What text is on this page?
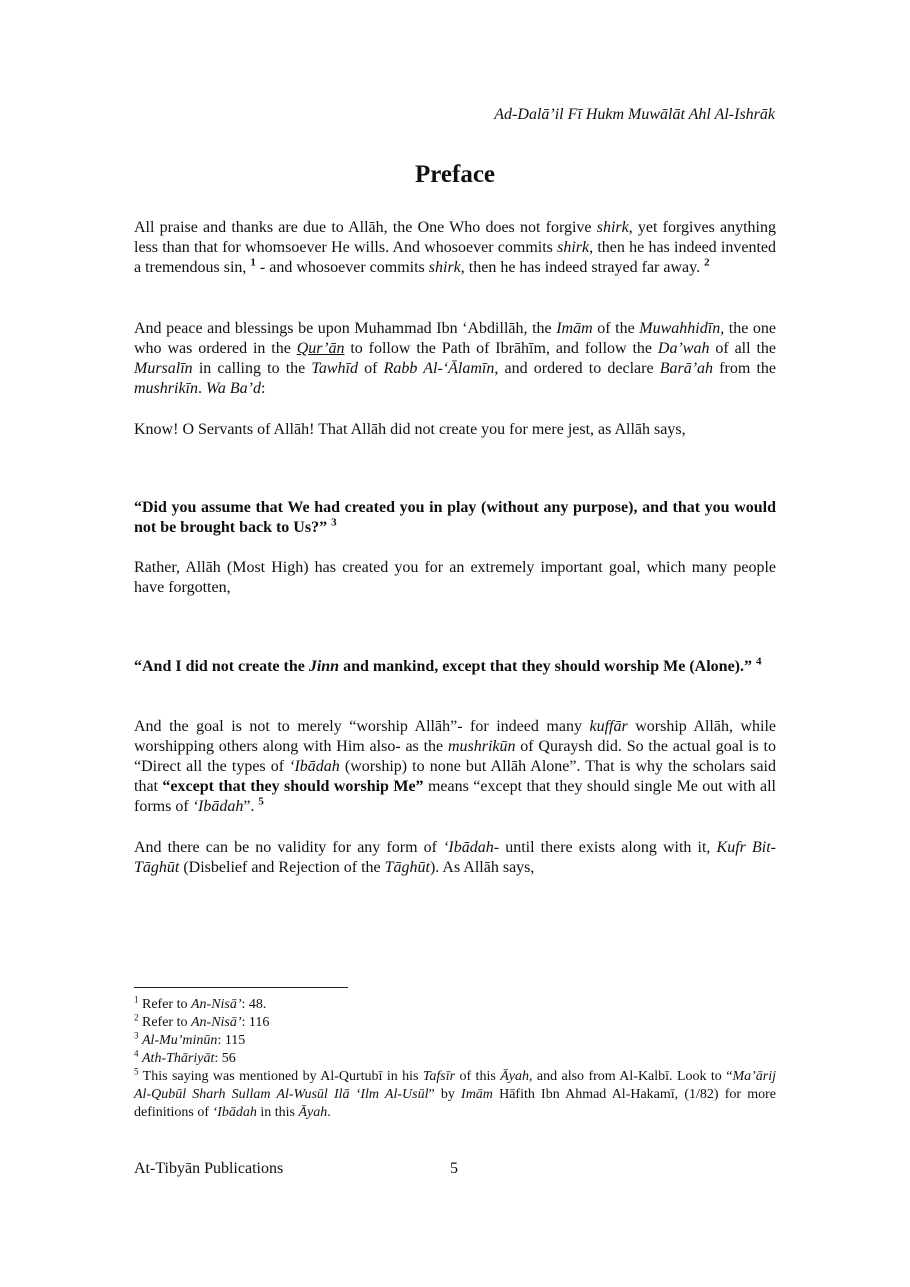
Ad-Dalā’il Fī Hukm Muwālāt Ahl Al-Ishrāk
Preface

All praise and thanks are due to Allāh, the One Who does not forgive shirk, yet forgives anything less than that for whomsoever He wills. And whosoever commits shirk, then he has indeed invented a tremendous sin, $^1$ - and whosoever commits shirk, then he has indeed strayed far away. $^2$

And peace and blessings be upon Muhammad Ibn ‘Abdillāh, the Imām of the Muwahhidīn, the one who was ordered in the Qur’ān to follow the Path of Ibrāhīm, and follow the Da’wah of all the Mursalīn in calling to the Tawhīd of Rabb Al-‘Ālamīn, and ordered to declare Barā’ah from the mushrikīn. Wa Ba’d:

Know! O Servants of Allāh! That Allāh did not create you for mere jest, as Allāh says,

“Did you assume that We had created you in play (without any purpose), and that you would not be brought back to Us?” $^3$

Rather, Allāh (Most High) has created you for an extremely important goal, which many people have forgotten,

“And I did not create the Jinn and mankind, except that they should worship Me (Alone).” $^4$

And the goal is not to merely “worship Allāh”- for indeed many kuffār worship Allāh, while worshipping others along with Him also- as the mushrikūn of Quraysh did. So the actual goal is to “Direct all the types of ‘Ibādah (worship) to none but Allāh Alone”. That is why the scholars said that “except that they should worship Me” means “except that they should single Me out with all forms of ‘Ibādah”. $^5$

And there can be no validity for any form of ‘Ibādah- until there exists along with it, Kufr Bit-Tāghūt (Disbelief and Rejection of the Tāghūt). As Allāh says,

$^1$ Refer to An-Nisā’: 48.
$^2$ Refer to An-Nisā’: 116
$^3$ Al-Mu’minūn: 115
$^4$ Ath-Thāriyāt: 56
$^5$ This saying was mentioned by Al-Qurtubī in his Tafsīr of this Āyah, and also from Al-Kalbī. Look to “Ma’ārij Al-Qubūl Sharh Sullam Al-Wusūl Ilā ‘Ilm Al-Usūl” by Imām Hāfith Ibn Ahmad Al-Hakamī, (1/82) for more definitions of ‘Ibādah in this Āyah.
At-Tibyān Publications	5
